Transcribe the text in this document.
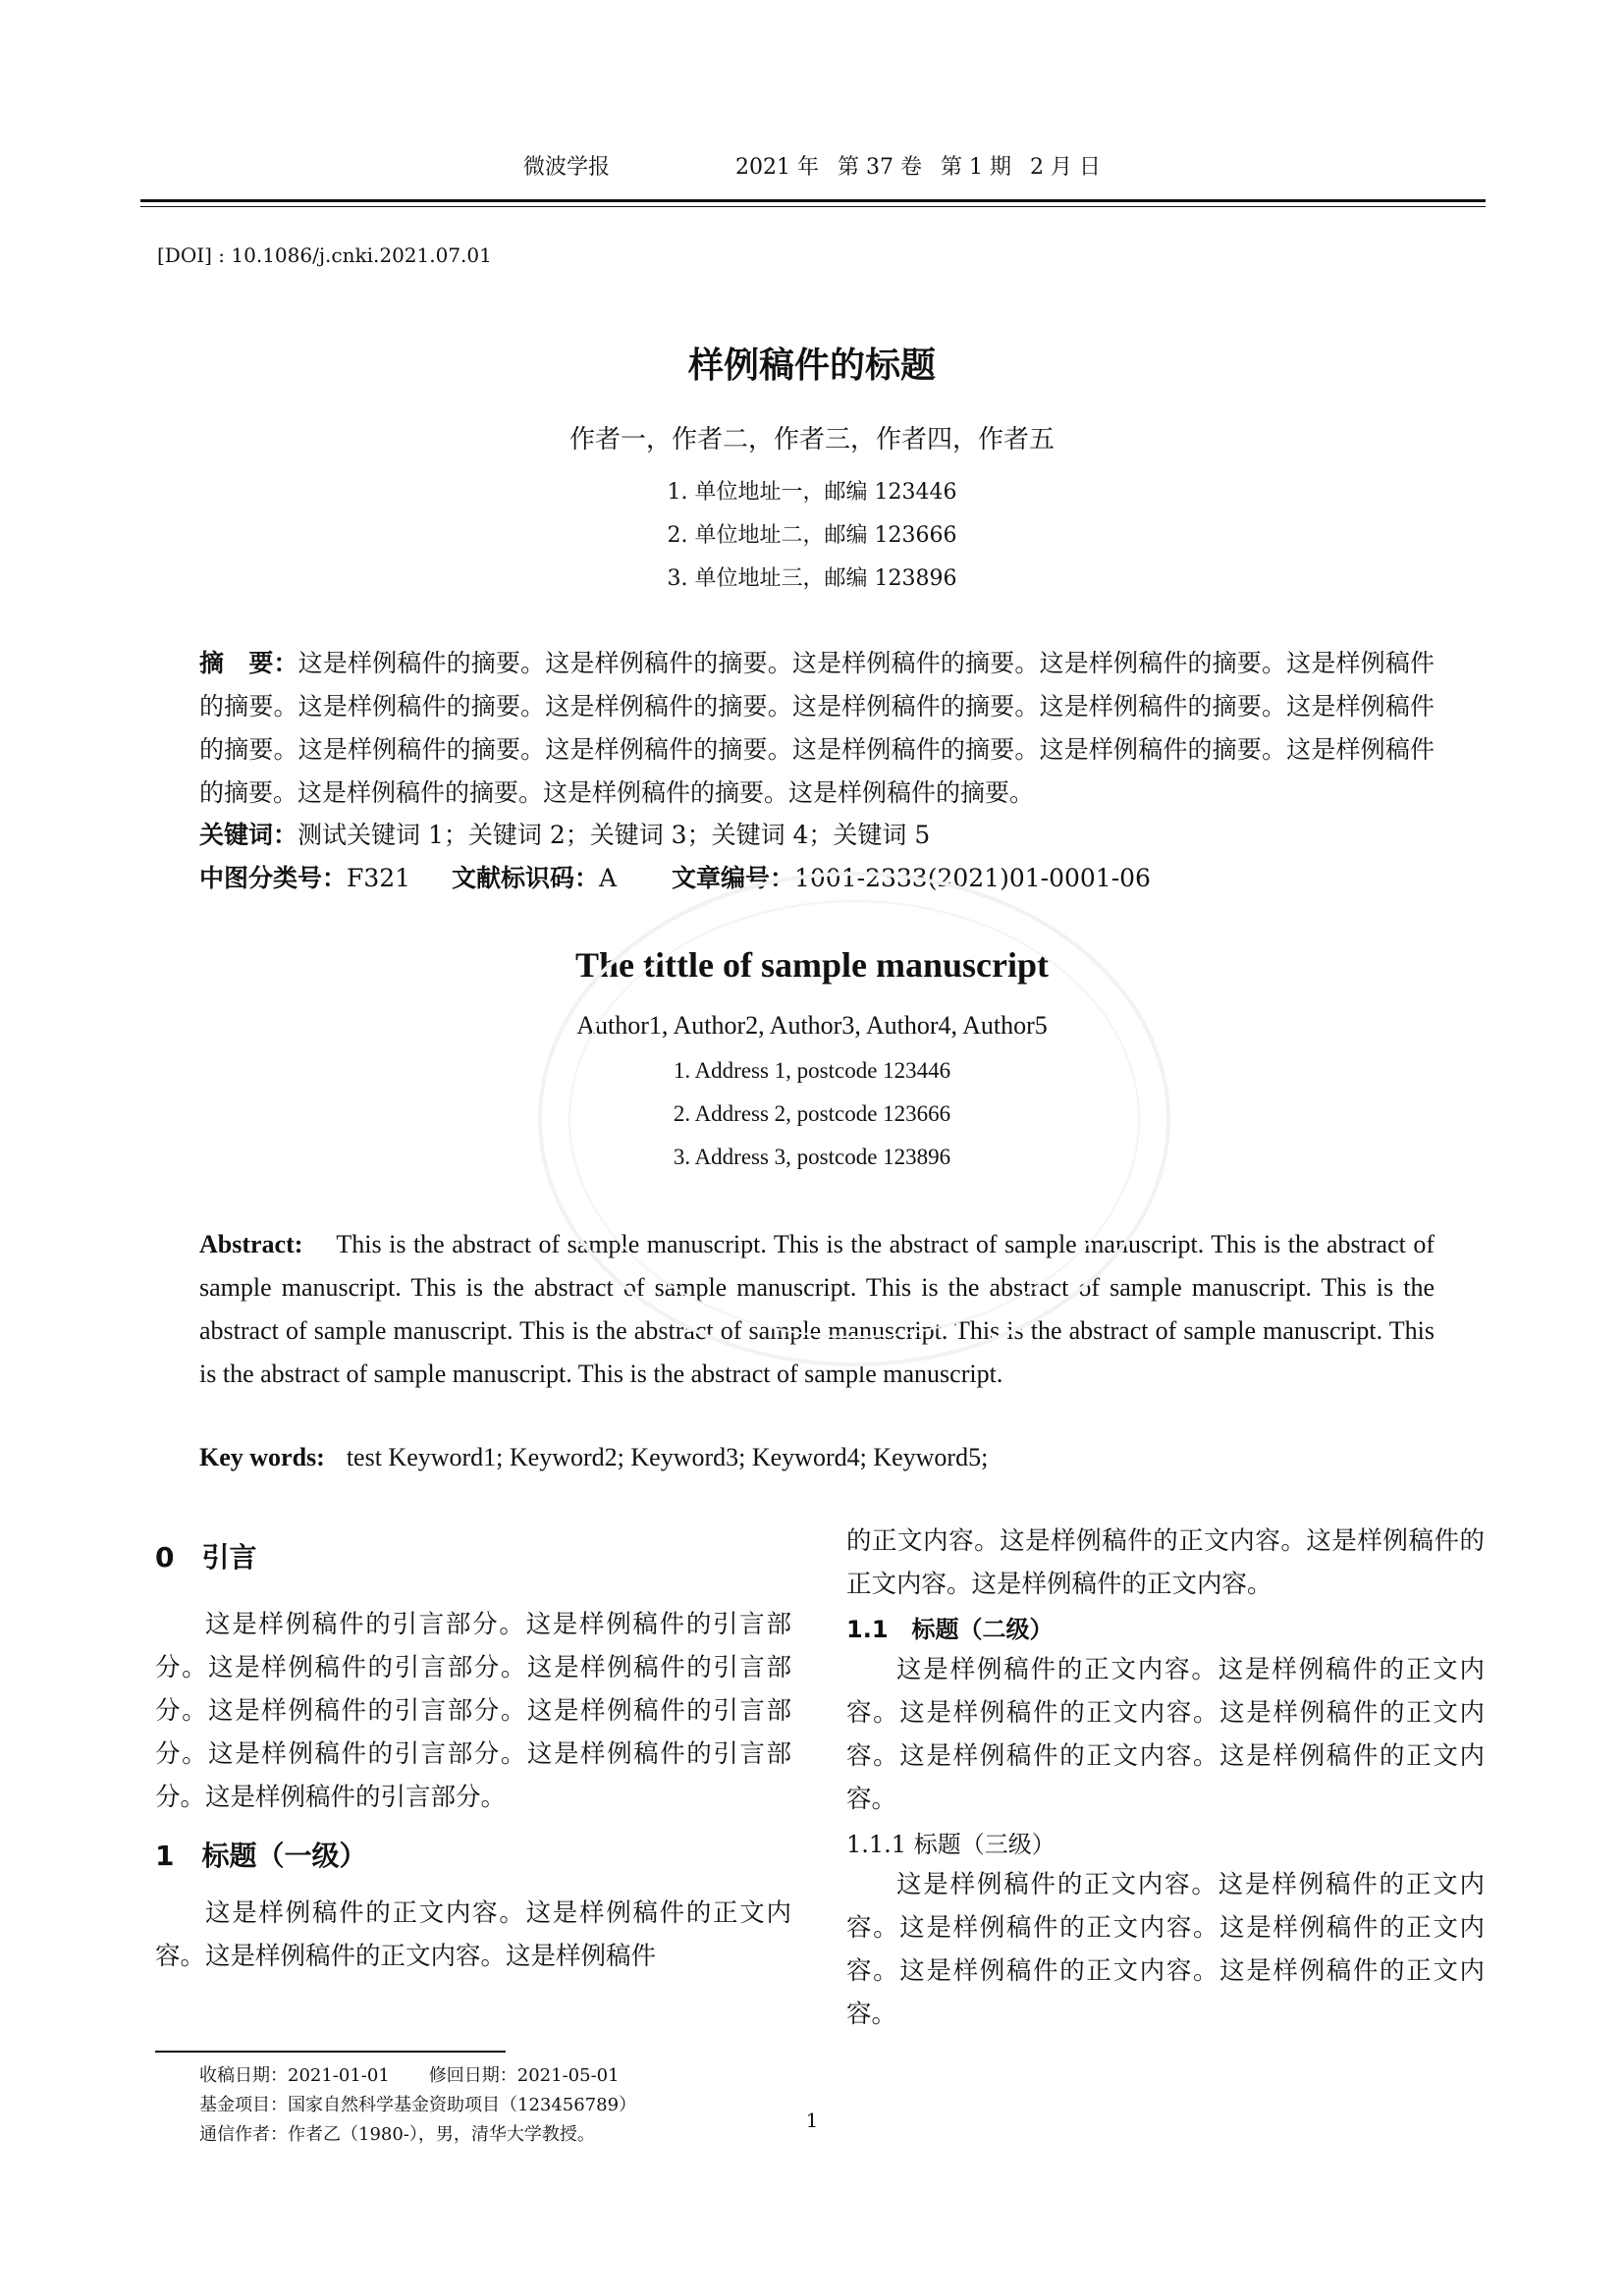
微波学报	2021 年 第 37 卷 第 1 期 2 月 日
[DOI] : 10.1086/j.cnki.2021.07.01
样例稿件的标题
作者一，作者二，作者三，作者四，作者五
1. 单位地址一，邮编 123446
2. 单位地址二，邮编 123666
3. 单位地址三，邮编 123896
摘　要：这是样例稿件的摘要。这是样例稿件的摘要。这是样例稿件的摘要。这是样例稿件的摘要。这是样例稿件的摘要。这是样例稿件的摘要。这是样例稿件的摘要。这是样例稿件的摘要。这是样例稿件的摘要。这是样例稿件的摘要。这是样例稿件的摘要。这是样例稿件的摘要。这是样例稿件的摘要。这是样例稿件的摘要。这是样例稿件的摘要。这是样例稿件的摘要。这是样例稿件的摘要。这是样例稿件的摘要。
关键词：测试关键词 1；关键词 2；关键词 3；关键词 4；关键词 5
中图分类号：F321 文献标识码：A 文章编号：1001-2333(2021)01-0001-06
The tittle of sample manuscript
Author1, Author2, Author3, Author4, Author5
1. Address 1, postcode 123446
2. Address 2, postcode 123666
3. Address 3, postcode 123896
Abstract: This is the abstract of sample manuscript. This is the abstract of sample manuscript. This is the abstract of sample manuscript. This is the abstract of sample manuscript. This is the abstract of sample manuscript. This is the abstract of sample manuscript. This is the abstract of sample manuscript. This is the abstract of sample manuscript. This is the abstract of sample manuscript. This is the abstract of sample manuscript.
Key words: test Keyword1; Keyword2; Keyword3; Keyword4; Keyword5;

0　引言

这是样例稿件的引言部分。这是样例稿件的引言部分。这是样例稿件的引言部分。这是样例稿件的引言部分。这是样例稿件的引言部分。这是样例稿件的引言部分。这是样例稿件的引言部分。这是样例稿件的引言部分。这是样例稿件的引言部分。

1　标题（一级）

这是样例稿件的正文内容。这是样例稿件的正文内容。这是样例稿件的正文内容。这是样例稿件

的正文内容。这是样例稿件的正文内容。这是样例稿件的正文内容。这是样例稿件的正文内容。

1.1　标题（二级）

这是样例稿件的正文内容。这是样例稿件的正文内容。这是样例稿件的正文内容。这是样例稿件的正文内容。这是样例稿件的正文内容。这是样例稿件的正文内容。

1.1.1 标题（三级）

这是样例稿件的正文内容。这是样例稿件的正文内容。这是样例稿件的正文内容。这是样例稿件的正文内容。这是样例稿件的正文内容。这是样例稿件的正文内容。

收稿日期：2021-01-01 修回日期：2021-05-01
基金项目：国家自然科学基金资助项目（123456789）
通信作者：作者乙（1980-），男，清华大学教授。
1
